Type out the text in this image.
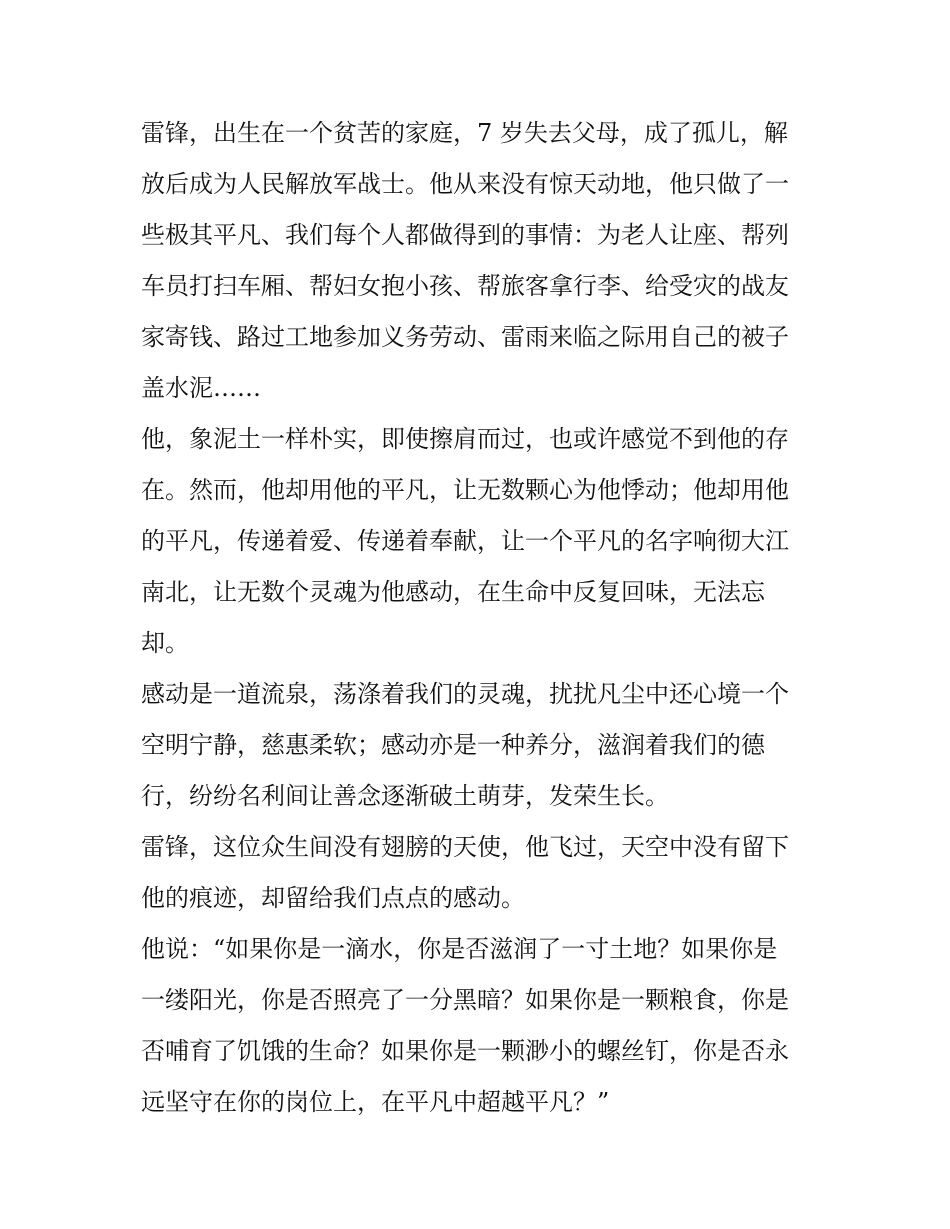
雷锋，出生在一个贫苦的家庭，7 岁失去父母，成了孤儿，解
放后成为人民解放军战士。他从来没有惊天动地，他只做了一
些极其平凡、我们每个人都做得到的事情：为老人让座、帮列
车员打扫车厢、帮妇女抱小孩、帮旅客拿行李、给受灾的战友
家寄钱、路过工地参加义务劳动、雷雨来临之际用自己的被子
盖水泥……
他，象泥土一样朴实，即使擦肩而过，也或许感觉不到他的存
在。然而，他却用他的平凡，让无数颗心为他悸动；他却用他
的平凡，传递着爱、传递着奉献，让一个平凡的名字响彻大江
南北，让无数个灵魂为他感动，在生命中反复回味，无法忘
却。
感动是一道流泉，荡涤着我们的灵魂，扰扰凡尘中还心境一个
空明宁静，慈惠柔软；感动亦是一种养分，滋润着我们的德
行，纷纷名利间让善念逐渐破土萌芽，发荣生长。
雷锋，这位众生间没有翅膀的天使，他飞过，天空中没有留下
他的痕迹，却留给我们点点的感动。
他说：“如果你是一滴水，你是否滋润了一寸土地？如果你是
一缕阳光，你是否照亮了一分黑暗？如果你是一颗粮食，你是
否哺育了饥饿的生命？如果你是一颗渺小的螺丝钉，你是否永
远坚守在你的岗位上，在平凡中超越平凡？”
